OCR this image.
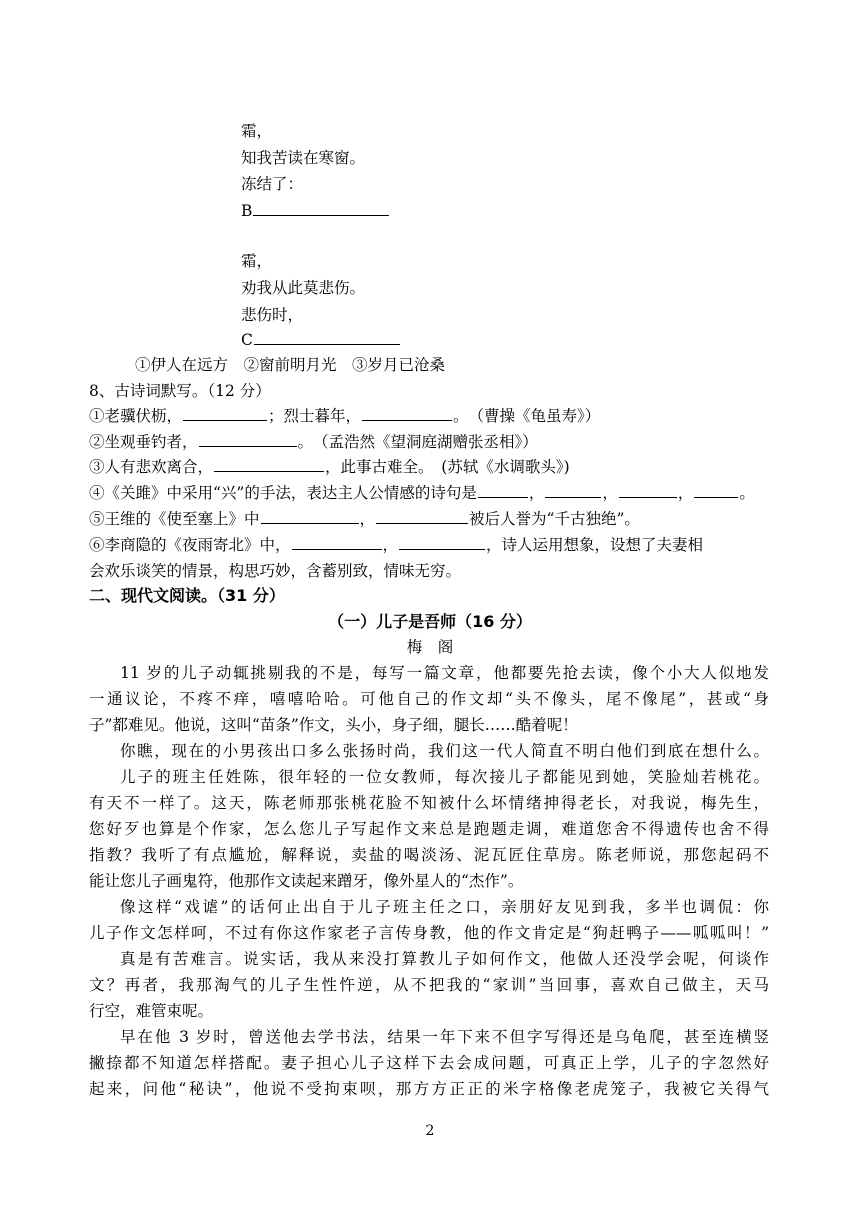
霜，
知我苦读在寒窗。
冻结了：
B
霜，
劝我从此莫悲伤。
悲伤时，
C
①伊人在远方　②窗前明月光　③岁月已沧桑
8、古诗词默写。（12 分）
①老骥伏枥，	；烈士暮年，	。　（曹操《龟虽寿》）
②坐观垂钓者，	。　（孟浩然《望洞庭湖赠张丞相》）
③人有悲欢离合，	，此事古难全。　(苏轼《水调歌头》)
④《关雎》中采用“兴”的手法，表达主人公情感的诗句是	，	，	，	。
⑤王维的《使至塞上》中	，	被后人誉为“千古独绝”。
⑥李商隐的《夜雨寄北》中，	，	，诗人运用想象，设想了夫妻相
会欢乐谈笑的情景，构思巧妙，含蓄别致，情味无穷。
二、现代文阅读。（31 分）
（一）儿子是吾师（16 分）
梅　阁
11 岁的儿子动辄挑剔我的不是，每写一篇文章，他都要先抢去读，像个小大人似地发
一通议论，不疼不痒，嘻嘻哈哈。可他自己的作文却“头不像头，尾不像尾”，甚或“身
子”都难见。他说，这叫“苗条”作文，头小，身子细，腿长……酷着呢！
你瞧，现在的小男孩出口多么张扬时尚，我们这一代人简直不明白他们到底在想什么。
儿子的班主任姓陈，很年轻的一位女教师，每次接儿子都能见到她，笑脸灿若桃花。
有天不一样了。这天，陈老师那张桃花脸不知被什么坏情绪抻得老长，对我说，梅先生，
您好歹也算是个作家，怎么您儿子写起作文来总是跑题走调，难道您舍不得遗传也舍不得
指教？我听了有点尴尬，解释说，卖盐的喝淡汤、泥瓦匠住草房。陈老师说，那您起码不
能让您儿子画鬼符，他那作文读起来蹭牙，像外星人的“杰作”。
像这样“戏谑”的话何止出自于儿子班主任之口，亲朋好友见到我，多半也调侃：你
儿子作文怎样呵，不过有你这作家老子言传身教，他的作文肯定是“狗赶鸭子——呱呱叫！”
真是有苦难言。说实话，我从来没打算教儿子如何作文，他做人还没学会呢，何谈作
文？再者，我那淘气的儿子生性忤逆，从不把我的“家训”当回事，喜欢自己做主，天马
行空，难管束呢。
早在他 3 岁时，曾送他去学书法，结果一年下来不但字写得还是乌龟爬，甚至连横竖
撇捺都不知道怎样搭配。妻子担心儿子这样下去会成问题，可真正上学，儿子的字忽然好
起来，问他“秘诀”，他说不受拘束呗，那方方正正的米字格像老虎笼子，我被它关得气
2
